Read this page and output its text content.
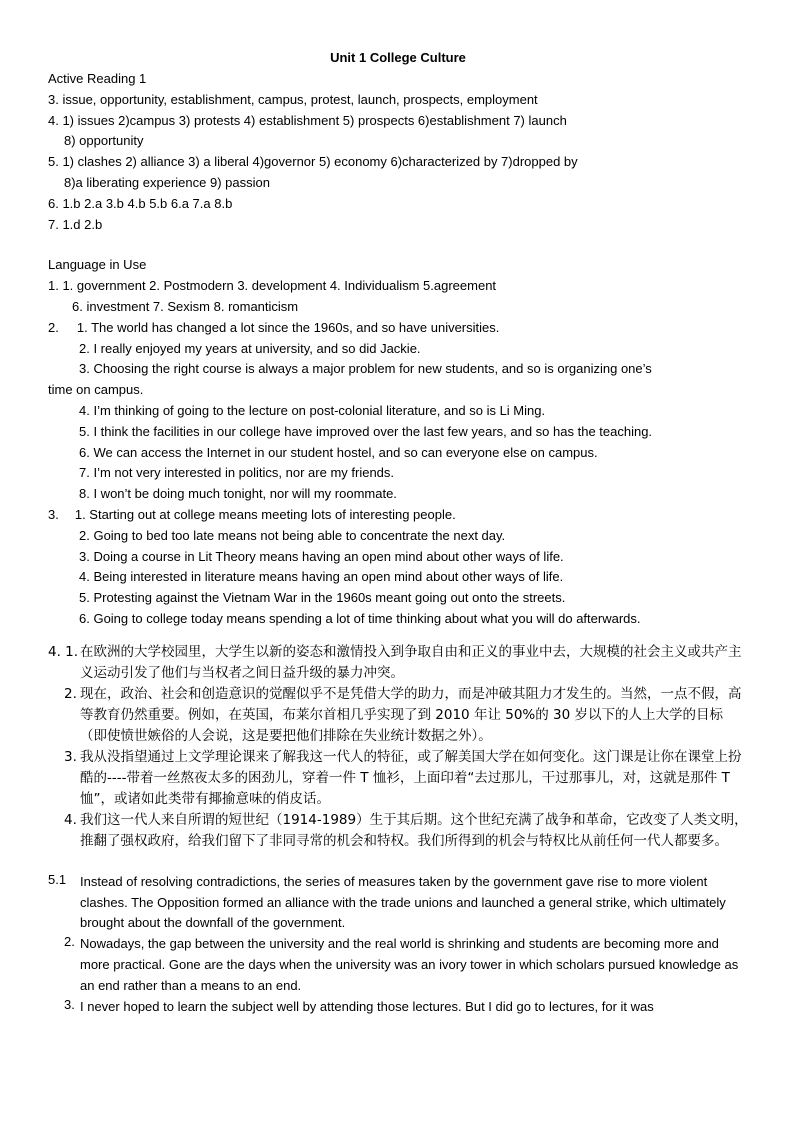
Unit 1 College Culture
Active Reading 1
3. issue, opportunity, establishment, campus, protest, launch, prospects, employment
4. 1) issues 2)campus 3) protests 4) establishment 5) prospects 6)establishment 7) launch
8) opportunity
5. 1) clashes 2) alliance 3) a liberal 4)governor 5) economy 6)characterized by 7)dropped by
8)a liberating experience 9) passion
6. 1.b 2.a 3.b 4.b 5.b 6.a 7.a 8.b
7. 1.d 2.b
Language in Use
1. 1. government 2. Postmodern 3. development 4. Individualism 5.agreement
6. investment 7. Sexism 8. romanticism
2. 1. The world has changed a lot since the 1960s, and so have universities.
2. I really enjoyed my years at university, and so did Jackie.
3. Choosing the right course is always a major problem for new students, and so is organizing one’s
time on campus.
4. I’m thinking of going to the lecture on post-colonial literature, and so is Li Ming.
5. I think the facilities in our college have improved over the last few years, and so has the teaching.
6. We can access the Internet in our student hostel, and so can everyone else on campus.
7. I’m not very interested in politics, nor are my friends.
8. I won’t be doing much tonight, nor will my roommate.
3. 1. Starting out at college means meeting lots of interesting people.
2. Going to bed too late means not being able to concentrate the next day.
3. Doing a course in Lit Theory means having an open mind about other ways of life.
4. Being interested in literature means having an open mind about other ways of life.
5. Protesting against the Vietnam War in the 1960s meant going out onto the streets.
6. Going to college today means spending a lot of time thinking about what you will do afterwards.
4. 1. 在欧洲的大学校园里，大学生以新的姿态和激情投入到争取自由和正义的事业中去，大规模的社会主义或共产主义运动引发了他们与当权者之间日益升级的暴力冲突。
2. 现在，政治、社会和创造意识的觉醒似乎不是凭借大学的助力，而是冲破其阻力才发生的。当然，一点不假，高等教育仍然重要。例如，在英国，布莱尔首相几乎实现了到 2010 年让 50%的 30 岁以下的人上大学的目标（即使愤世嫉俗的人会说，这是要把他们排除在失业统计数据之外）。
3. 我从没指望通过上文学理论课来了解我这一代人的特征，或了解美国大学在如何变化。这门课是让你在课堂上扮酷的----带着一丝熬夜太多的困劲儿，穿着一件 T 恤衫，上面印着“去过那儿，干过那事儿，对，这就是那件 T 恤”，或诸如此类带有揶揄意味的俏皮话。
4. 我们这一代人来自所谓的短世纪（1914-1989）生于其后期。这个世纪充满了战争和革命，它改变了人类文明，推翻了强权政府，给我们留下了非同寻常的机会和特权。我们所得到的机会与特权比从前任何一代人都要多。
5.1	Instead of resolving contradictions, the series of measures taken by the government gave rise to more violent clashes. The Opposition formed an alliance with the trade unions and launched a general strike, which ultimately brought about the downfall of the government.
2. Nowadays, the gap between the university and the real world is shrinking and students are becoming more and more practical. Gone are the days when the university was an ivory tower in which scholars pursued knowledge as an end rather than a means to an end.
3. I never hoped to learn the subject well by attending those lectures. But I did go to lectures, for it was
